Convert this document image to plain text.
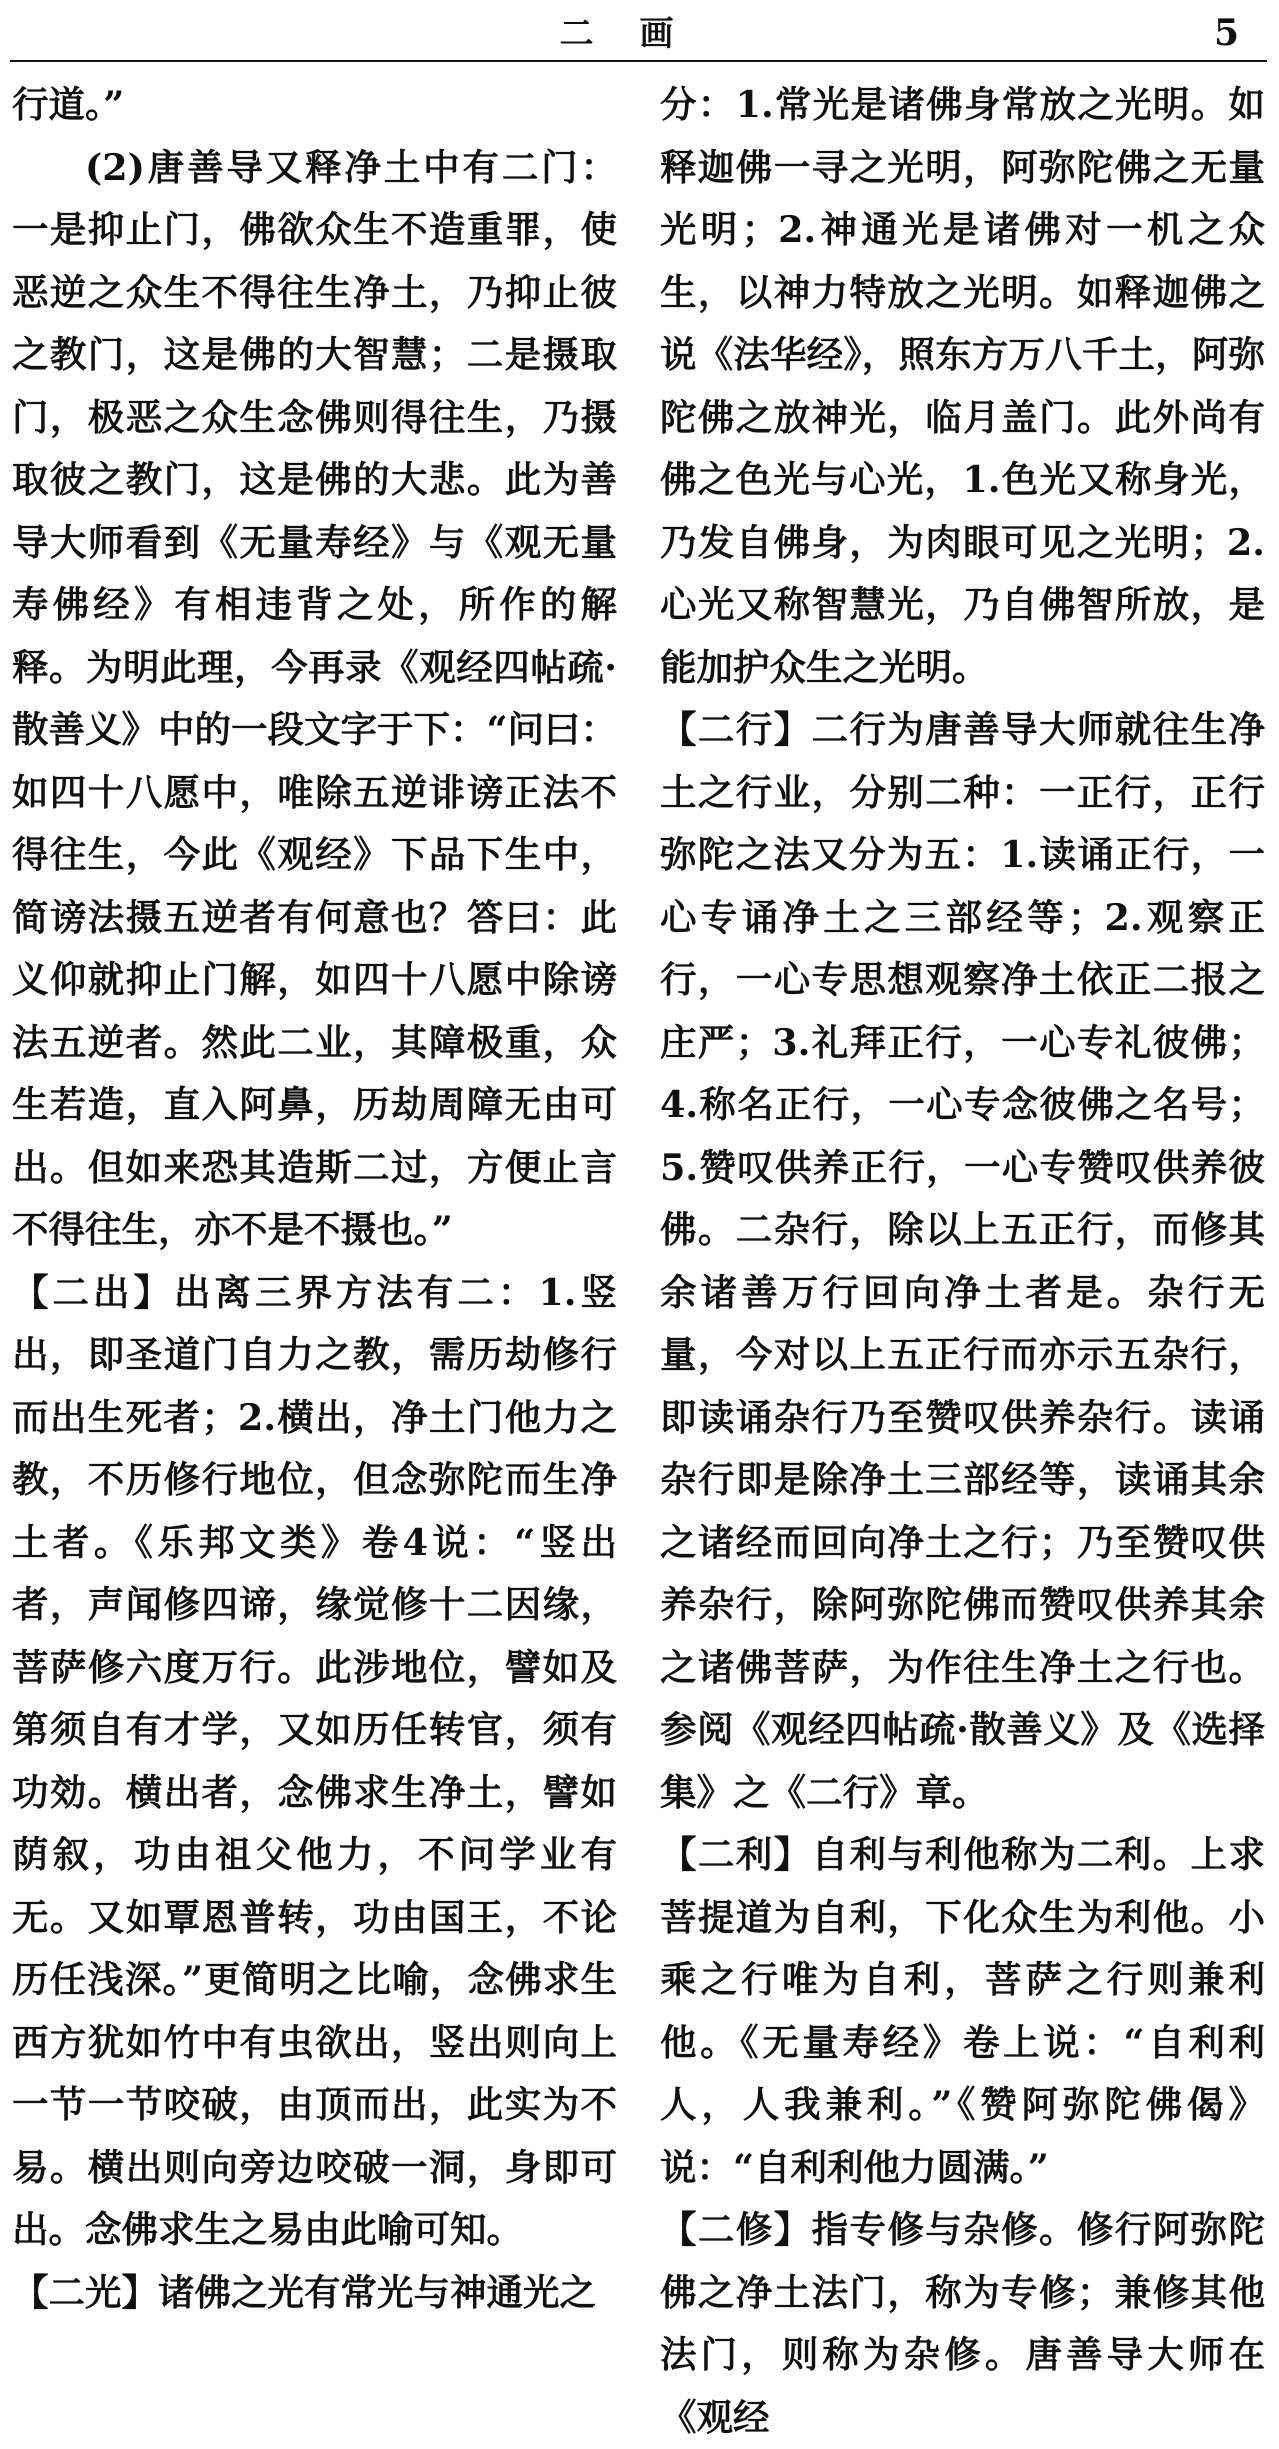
二画	5

行道。”

(2)唐善导又释净土中有二门：一是抑止门，佛欲众生不造重罪，使恶逆之众生不得往生净土，乃抑止彼之教门，这是佛的大智慧；二是摄取门，极恶之众生念佛则得往生，乃摄取彼之教门，这是佛的大悲。此为善导大师看到《无量寿经》与《观无量寿佛经》有相违背之处，所作的解释。为明此理，今再录《观经四帖疏·散善义》中的一段文字于下：“问曰：如四十八愿中，唯除五逆诽谤正法不得往生，今此《观经》下品下生中，简谤法摄五逆者有何意也？答曰：此义仰就抑止门解，如四十八愿中除谤法五逆者。然此二业，其障极重，众生若造，直入阿鼻，历劫周障无由可出。但如来恐其造斯二过，方便止言不得往生，亦不是不摄也。”

【二出】出离三界方法有二：1.竖出，即圣道门自力之教，需历劫修行而出生死者；2.横出，净土门他力之教，不历修行地位，但念弥陀而生净土者。《乐邦文类》卷4说：“竖出者，声闻修四谛，缘觉修十二因缘，菩萨修六度万行。此涉地位，譬如及第须自有才学，又如历任转官，须有功効。横出者，念佛求生净土，譬如荫叙，功由祖父他力，不问学业有无。又如覃恩普转，功由国王，不论历任浅深。”更简明之比喻，念佛求生西方犹如竹中有虫欲出，竖出则向上一节一节咬破，由顶而出，此实为不易。横出则向旁边咬破一洞，身即可出。念佛求生之易由此喻可知。

【二光】诸佛之光有常光与神通光之

分：1.常光是诸佛身常放之光明。如释迦佛一寻之光明，阿弥陀佛之无量光明；2.神通光是诸佛对一机之众生，以神力特放之光明。如释迦佛之说《法华经》，照东方万八千土，阿弥陀佛之放神光，临月盖门。此外尚有佛之色光与心光，1.色光又称身光，乃发自佛身，为肉眼可见之光明；2.心光又称智慧光，乃自佛智所放，是能加护众生之光明。

【二行】二行为唐善导大师就往生净土之行业，分别二种：一正行，正行弥陀之法又分为五：1.读诵正行，一心专诵净土之三部经等；2.观察正行，一心专思想观察净土依正二报之庄严；3.礼拜正行，一心专礼彼佛；4.称名正行，一心专念彼佛之名号；5.赞叹供养正行，一心专赞叹供养彼佛。二杂行，除以上五正行，而修其余诸善万行回向净土者是。杂行无量，今对以上五正行而亦示五杂行，即读诵杂行乃至赞叹供养杂行。读诵杂行即是除净土三部经等，读诵其余之诸经而回向净土之行；乃至赞叹供养杂行，除阿弥陀佛而赞叹供养其余之诸佛菩萨，为作往生净土之行也。参阅《观经四帖疏·散善义》及《选择集》之《二行》章。

【二利】自利与利他称为二利。上求菩提道为自利，下化众生为利他。小乘之行唯为自利，菩萨之行则兼利他。《无量寿经》卷上说：“自利利人，人我兼利。”《赞阿弥陀佛偈》说：“自利利他力圆满。”

【二修】指专修与杂修。修行阿弥陀佛之净土法门，称为专修；兼修其他法门，则称为杂修。唐善导大师在《观经
